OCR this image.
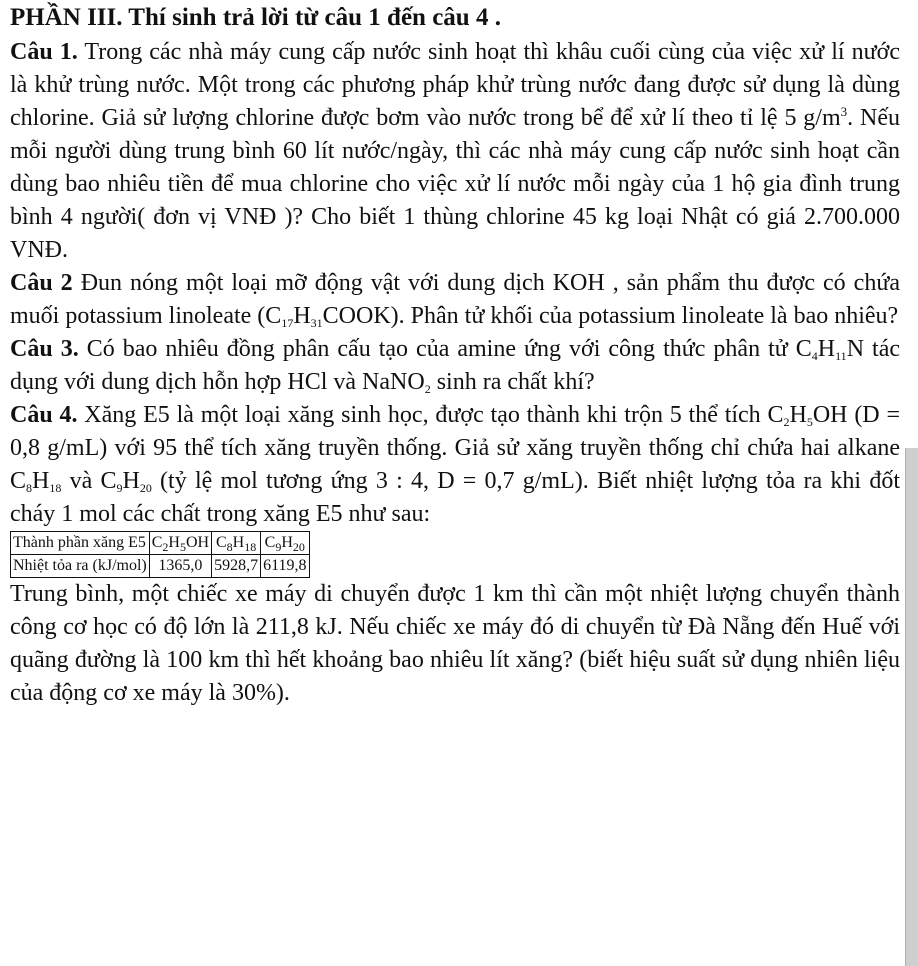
PHẦN III. Thí sinh trả lời từ câu 1 đến câu 4 .

Câu 1. Trong các nhà máy cung cấp nước sinh hoạt thì khâu cuối cùng của việc xử lí nước là khử trùng nước. Một trong các phương pháp khử trùng nước đang được sử dụng là dùng chlorine. Giả sử lượng chlorine được bơm vào nước trong bể để xử lí theo tỉ lệ 5 $g/m^3$. Nếu mỗi người dùng trung bình 60 lít nước/ngày, thì các nhà máy cung cấp nước sinh hoạt cần dùng bao nhiêu tiền để mua chlorine cho việc xử lí nước mỗi ngày của 1 hộ gia đình trung bình 4 người( đơn vị VNĐ )? Cho biết 1 thùng chlorine 45 kg loại Nhật có giá 2.700.000 VNĐ.

Câu 2 Đun nóng một loại mỡ động vật với dung dịch KOH , sản phẩm thu được có chứa muối potassium linoleate $(C_{17}H_{31}COOK)$. Phân tử khối của potassium linoleate là bao nhiêu?

Câu 3. Có bao nhiêu đồng phân cấu tạo của amine ứng với công thức phân tử $C_4H_{11}N$ tác dụng với dung dịch hỗn hợp HCl và NaNO$_2$ sinh ra chất khí?

Câu 4. Xăng E5 là một loại xăng sinh học, được tạo thành khi trộn 5 thể tích $C_2H_5OH$ (D = 0,8 g/mL) với 95 thể tích xăng truyền thống. Giả sử xăng truyền thống chỉ chứa hai alkane $C_8H_{18}$ và $C_9H_{20}$ (tỷ lệ mol tương ứng 3 : 4, D = 0,7 g/mL). Biết nhiệt lượng tỏa ra khi đốt cháy 1 mol các chất trong xăng E5 như sau:

Thành phần xăng E5	$C_2H_5OH$	$C_8H_{18}$	$C_9H_{20}$
Nhiệt tỏa ra (kJ/mol)	1365,0	5928,7	6119,8

Trung bình, một chiếc xe máy di chuyển được 1 km thì cần một nhiệt lượng chuyển thành công cơ học có độ lớn là 211,8 kJ. Nếu chiếc xe máy đó di chuyển từ Đà Nẵng đến Huế với quãng đường là 100 km thì hết khoảng bao nhiêu lít xăng? (biết hiệu suất sử dụng nhiên liệu của động cơ xe máy là 30%).
